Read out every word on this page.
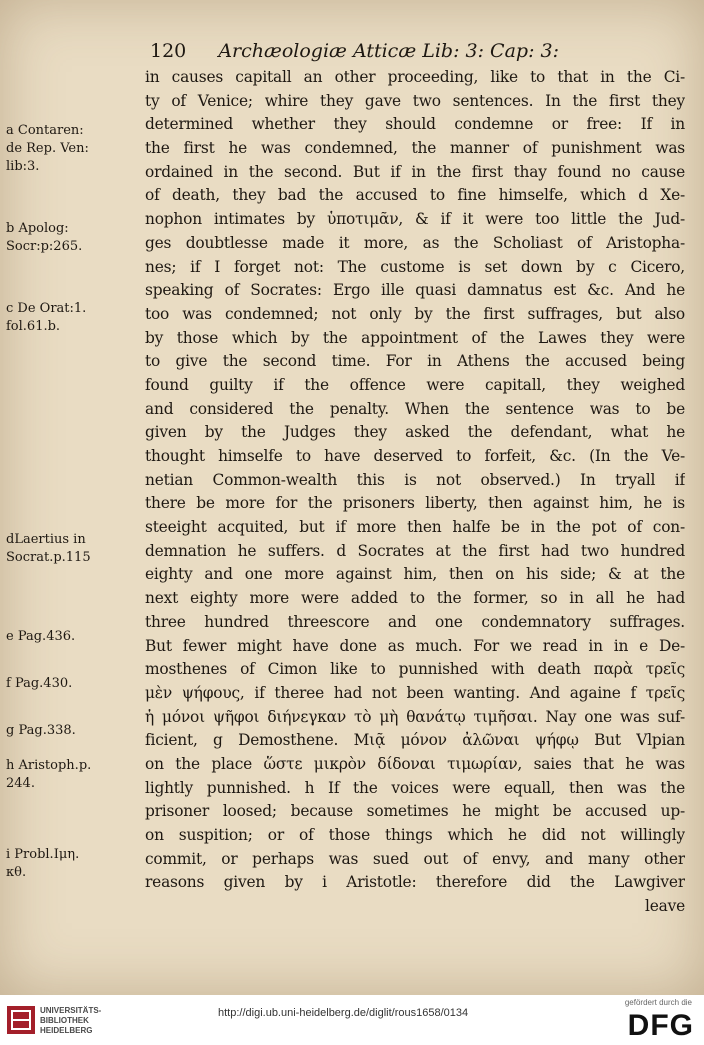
120 Archæologiæ Atticæ Lib: 3: Cap: 3:
in causes capitall an other proceeding, like to that in the Ci-
ty of Venice; whire they gave two sentences. In the first they
determined whether they should condemne or free: If in
the first he was condemned, the manner of punishment was
ordained in the second. But if in the first thay found no cause
of death, they bad the accused to fine himselfe, which d Xe-
nophon intimates by ὑποτιμᾶν, & if it were too little the Jud-
ges doubtlesse made it more, as the Scholiast of Aristopha-
nes; if I forget not: The custome is set down by c Cicero,
speaking of Socrates: Ergo ille quasi damnatus est &c. And he
too was condemned; not only by the first suffrages, but also
by those which by the appointment of the Lawes they were
to give the second time. For in Athens the accused being
found guilty if the offence were capitall, they weighed
and considered the penalty. When the sentence was to be
given by the Judges they asked the defendant, what he
thought himselfe to have deserved to forfeit, &c. (In the Ve-
netian Common-wealth this is not observed.) In tryall if
there be more for the prisoners liberty, then against him, he is
steeight acquited, but if more then halfe be in the pot of con-
demnation he suffers. d Socrates at the first had two hundred
eighty and one more against him, then on his side; & at the
next eighty more were added to the former, so in all he had
three hundred threescore and one condemnatory suffrages.
But fewer might have done as much. For we read in in e De-
mosthenes of Cimon like to punnished with death παρὰ τρεῖς
μὲν ψήφους, if theree had not been wanting. And againe f τρεῖς
ἡ μόνοι ψῆφοι διήνεγκαν τὸ μὴ θανάτῳ τιμῆσαι. Nay one was suf-
ficient, g Demosthene. Μιᾷ μόνον ἀλῶναι ψήφῳ But Vlpian
on the place ὥστε μικρὸν δίδοναι τιμωρίαν, saies that he was
lightly punnished. h If the voices were equall, then was the
prisoner loosed; because sometimes he might be accused up-
on suspition; or of those things which he did not willingly
commit, or perhaps was sued out of envy, and many other
reasons given by i Aristotle: therefore did the Lawgiver
leave
a Contaren:
de Rep. Ven:
lib:3.
b Apolog:
Socr:p:265.
c De Orat:1.
fol.61.b.
dLaertius in
Socrat.p.115
e Pag.436.
f Pag.430.
g Pag.338.
h Aristoph.p.
244.
i Probl.Ιμη.
κθ.
UNIVERSITÄTS-
BIBLIOTHEK
HEIDELBERG
http://digi.ub.uni-heidelberg.de/diglit/rous1658/0134
gefördert durch die
DFG
